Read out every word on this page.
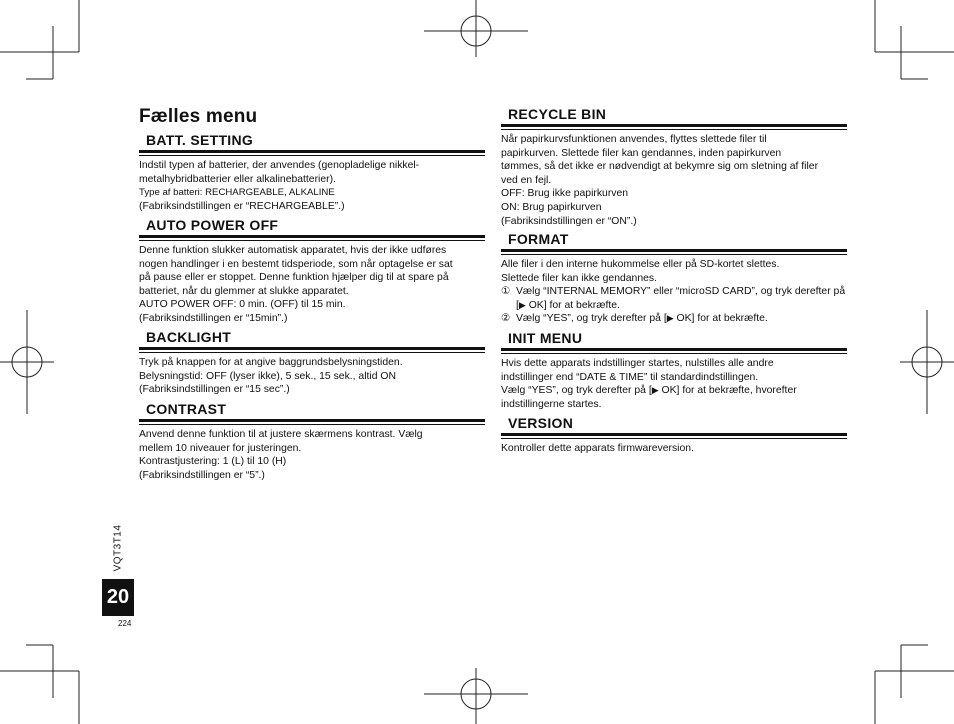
Fælles menu
BATT. SETTING
Indstil typen af batterier, der anvendes (genopladelige nikkel-
metalhybridbatterier eller alkalinebatterier).
Type af batteri: RECHARGEABLE, ALKALINE
(Fabriksindstillingen er “RECHARGEABLE”.)
AUTO POWER OFF
Denne funktion slukker automatisk apparatet, hvis der ikke udføres
nogen handlinger i en bestemt tidsperiode, som når optagelse er sat
på pause eller er stoppet. Denne funktion hjælper dig til at spare på
batteriet, når du glemmer at slukke apparatet.
AUTO POWER OFF: 0 min. (OFF) til 15 min.
(Fabriksindstillingen er “15min”.)
BACKLIGHT
Tryk på knappen for at angive baggrundsbelysningstiden.
Belysningstid: OFF (lyser ikke), 5 sek., 15 sek., altid ON
(Fabriksindstillingen er “15 sec”.)
CONTRAST
Anvend denne funktion til at justere skærmens kontrast. Vælg
mellem 10 niveauer for justeringen.
Kontrastjustering: 1 (L) til 10 (H)
(Fabriksindstillingen er “5”.)
RECYCLE BIN
Når papirkurvsfunktionen anvendes, flyttes slettede filer til
papirkurven. Slettede filer kan gendannes, inden papirkurven
tømmes, så det ikke er nødvendigt at bekymre sig om sletning af filer
ved en fejl.
OFF: Brug ikke papirkurven
ON: Brug papirkurven
(Fabriksindstillingen er “ON”.)
FORMAT
Alle filer i den interne hukommelse eller på SD-kortet slettes.
Slettede filer kan ikke gendannes.
① Vælg “INTERNAL MEMORY” eller “microSD CARD”, og tryk derefter på [▶ OK] for at bekræfte.
② Vælg “YES”, og tryk derefter på [▶ OK] for at bekræfte.
INIT MENU
Hvis dette apparats indstillinger startes, nulstilles alle andre
indstillinger end “DATE & TIME” til standardindstillingen.
Vælg “YES”, og tryk derefter på [▶ OK] for at bekræfte, hvorefter
indstillingerne startes.
VERSION
Kontroller dette apparats firmwareversion.
VQT3T14
20
224
